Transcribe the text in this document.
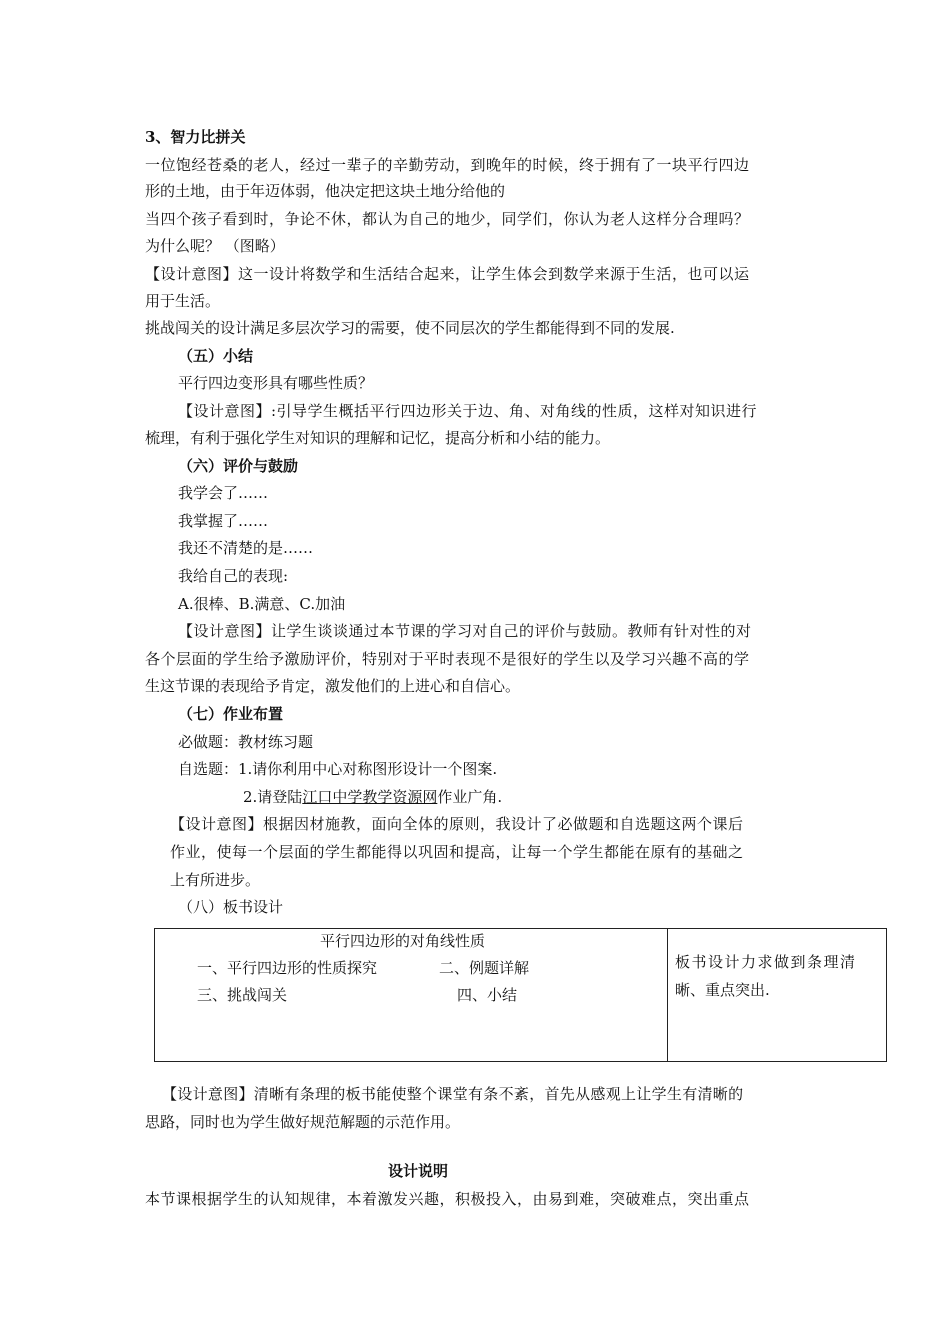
3、智力比拼关
一位饱经苍桑的老人，经过一辈子的辛勤劳动，到晚年的时候，终于拥有了一块平行四边
形的土地，由于年迈体弱，他决定把这块土地分给他的
当四个孩子看到时，争论不休，都认为自己的地少，同学们，你认为老人这样分合理吗？
为什么呢？ （图略）
【设计意图】这一设计将数学和生活结合起来，让学生体会到数学来源于生活，也可以运
用于生活。
挑战闯关的设计满足多层次学习的需要，使不同层次的学生都能得到不同的发展.
（五）小结
平行四边变形具有哪些性质？
【设计意图】:引导学生概括平行四边形关于边、角、对角线的性质，这样对知识进行
梳理，有利于强化学生对知识的理解和记忆，提高分析和小结的能力。
（六）评价与鼓励
我学会了……
我掌握了……
我还不清楚的是……
我给自己的表现:
A.很棒、B.满意、C.加油
【设计意图】让学生谈谈通过本节课的学习对自己的评价与鼓励。教师有针对性的对
各个层面的学生给予激励评价，特别对于平时表现不是很好的学生以及学习兴趣不高的学
生这节课的表现给予肯定，激发他们的上进心和自信心。
（七）作业布置
必做题：教材练习题
自选题：1.请你利用中心对称图形设计一个图案.
2.请登陆江口中学教学资源网作业广角.
【设计意图】根据因材施教，面向全体的原则，我设计了必做题和自选题这两个课后
作业，使每一个层面的学生都能得以巩固和提高，让每一个学生都能在原有的基础之
上有所进步。
（八）板书设计
平行四边形的对角线性质
一、平行四边形的性质探究	二、例题详解
三、挑战闯关	四、小结
板书设计力求做到条理清
晰、重点突出.
【设计意图】清晰有条理的板书能使整个课堂有条不紊，首先从感观上让学生有清晰的
思路，同时也为学生做好规范解题的示范作用。
设计说明
本节课根据学生的认知规律，本着激发兴趣，积极投入，由易到难，突破难点，突出重点
